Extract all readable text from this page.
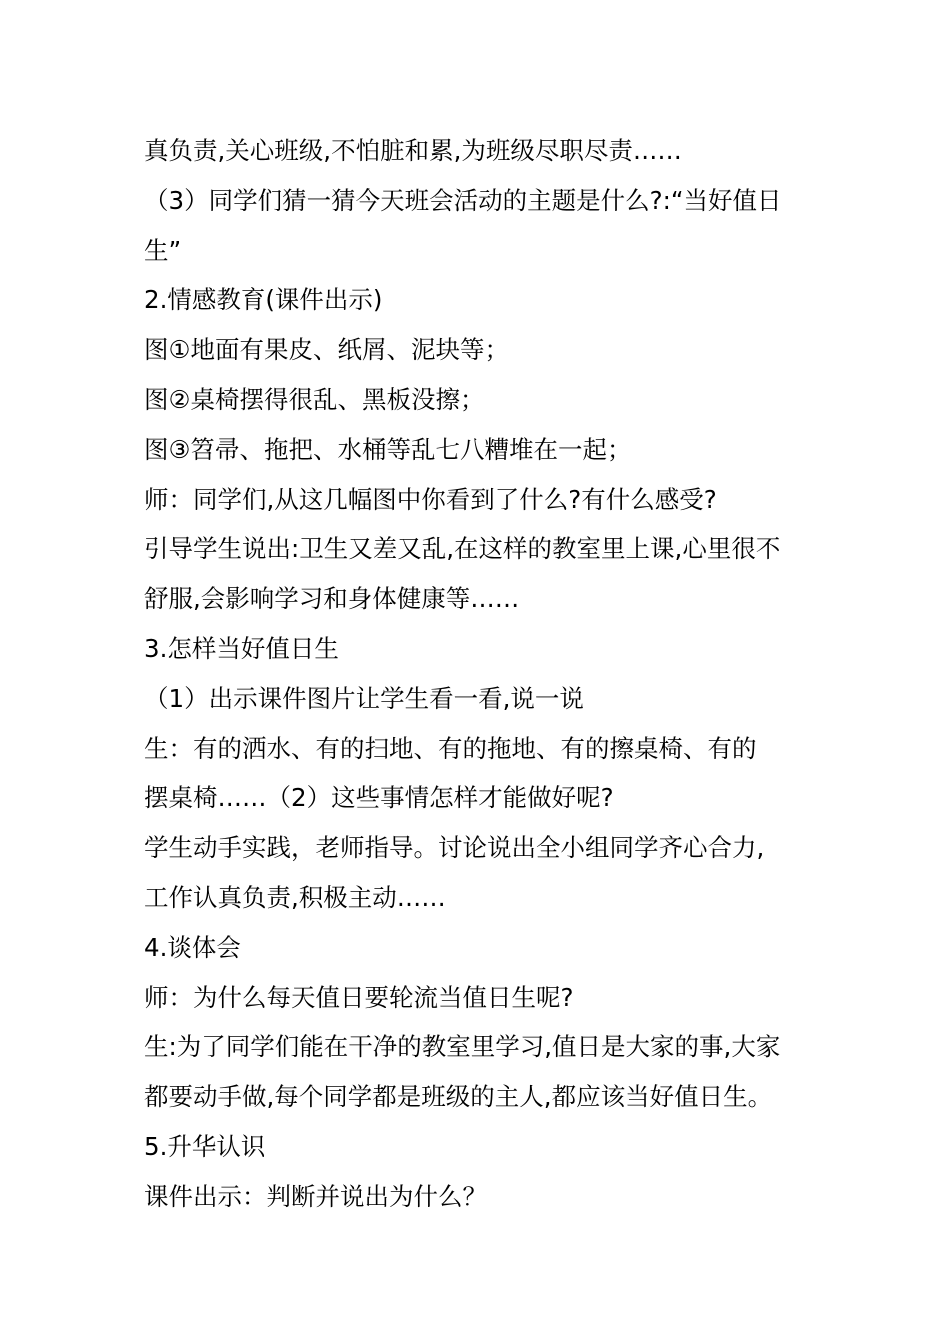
真负责,关心班级,不怕脏和累,为班级尽职尽责……
（3）同学们猜一猜今天班会活动的主题是什么?:“当好值日
生”
2.情感教育(课件出示)
图①地面有果皮、纸屑、泥块等；
图②桌椅摆得很乱、黑板没擦；
图③笤帚、拖把、水桶等乱七八糟堆在一起；
师：同学们,从这几幅图中你看到了什么?有什么感受?
引导学生说出:卫生又差又乱,在这样的教室里上课,心里很不
舒服,会影响学习和身体健康等……
3.怎样当好值日生
（1）出示课件图片让学生看一看,说一说
生：有的洒水、有的扫地、有的拖地、有的擦桌椅、有的
摆桌椅……（2）这些事情怎样才能做好呢?
学生动手实践，老师指导。讨论说出全小组同学齐心合力,
工作认真负责,积极主动……
4.谈体会
师：为什么每天值日要轮流当值日生呢?
生:为了同学们能在干净的教室里学习,值日是大家的事,大家
都要动手做,每个同学都是班级的主人,都应该当好值日生。
5.升华认识
课件出示：判断并说出为什么？
